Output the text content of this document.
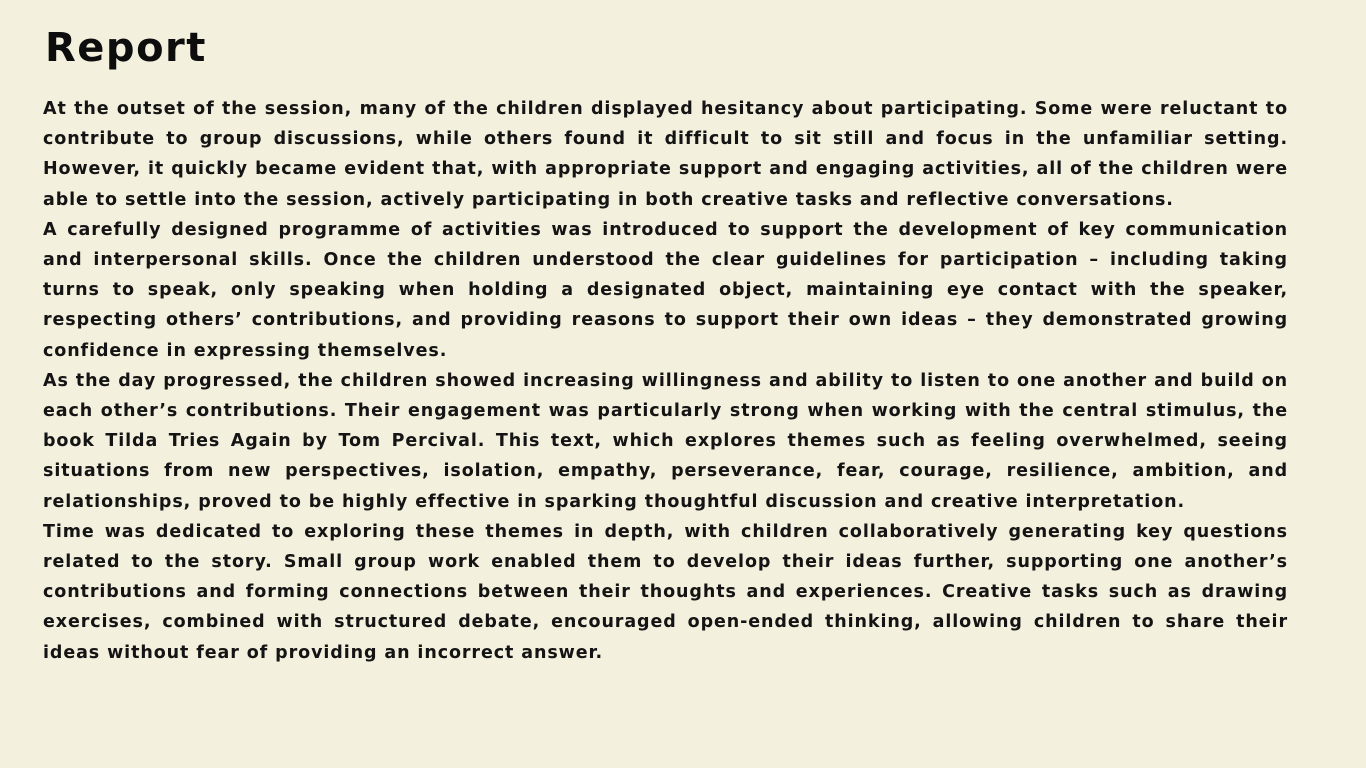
Report

At the outset of the session, many of the children displayed hesitancy about participating. Some were reluctant to contribute to group discussions, while others found it difficult to sit still and focus in the unfamiliar setting. However, it quickly became evident that, with appropriate support and engaging activities, all of the children were able to settle into the session, actively participating in both creative tasks and reflective conversations.

A carefully designed programme of activities was introduced to support the development of key communication and interpersonal skills. Once the children understood the clear guidelines for participation – including taking turns to speak, only speaking when holding a designated object, maintaining eye contact with the speaker, respecting others’ contributions, and providing reasons to support their own ideas – they demonstrated growing confidence in expressing themselves.

As the day progressed, the children showed increasing willingness and ability to listen to one another and build on each other’s contributions. Their engagement was particularly strong when working with the central stimulus, the book Tilda Tries Again by Tom Percival. This text, which explores themes such as feeling overwhelmed, seeing situations from new perspectives, isolation, empathy, perseverance, fear, courage, resilience, ambition, and relationships, proved to be highly effective in sparking thoughtful discussion and creative interpretation.

Time was dedicated to exploring these themes in depth, with children collaboratively generating key questions related to the story. Small group work enabled them to develop their ideas further, supporting one another’s contributions and forming connections between their thoughts and experiences. Creative tasks such as drawing exercises, combined with structured debate, encouraged open-ended thinking, allowing children to share their ideas without fear of providing an incorrect answer.
